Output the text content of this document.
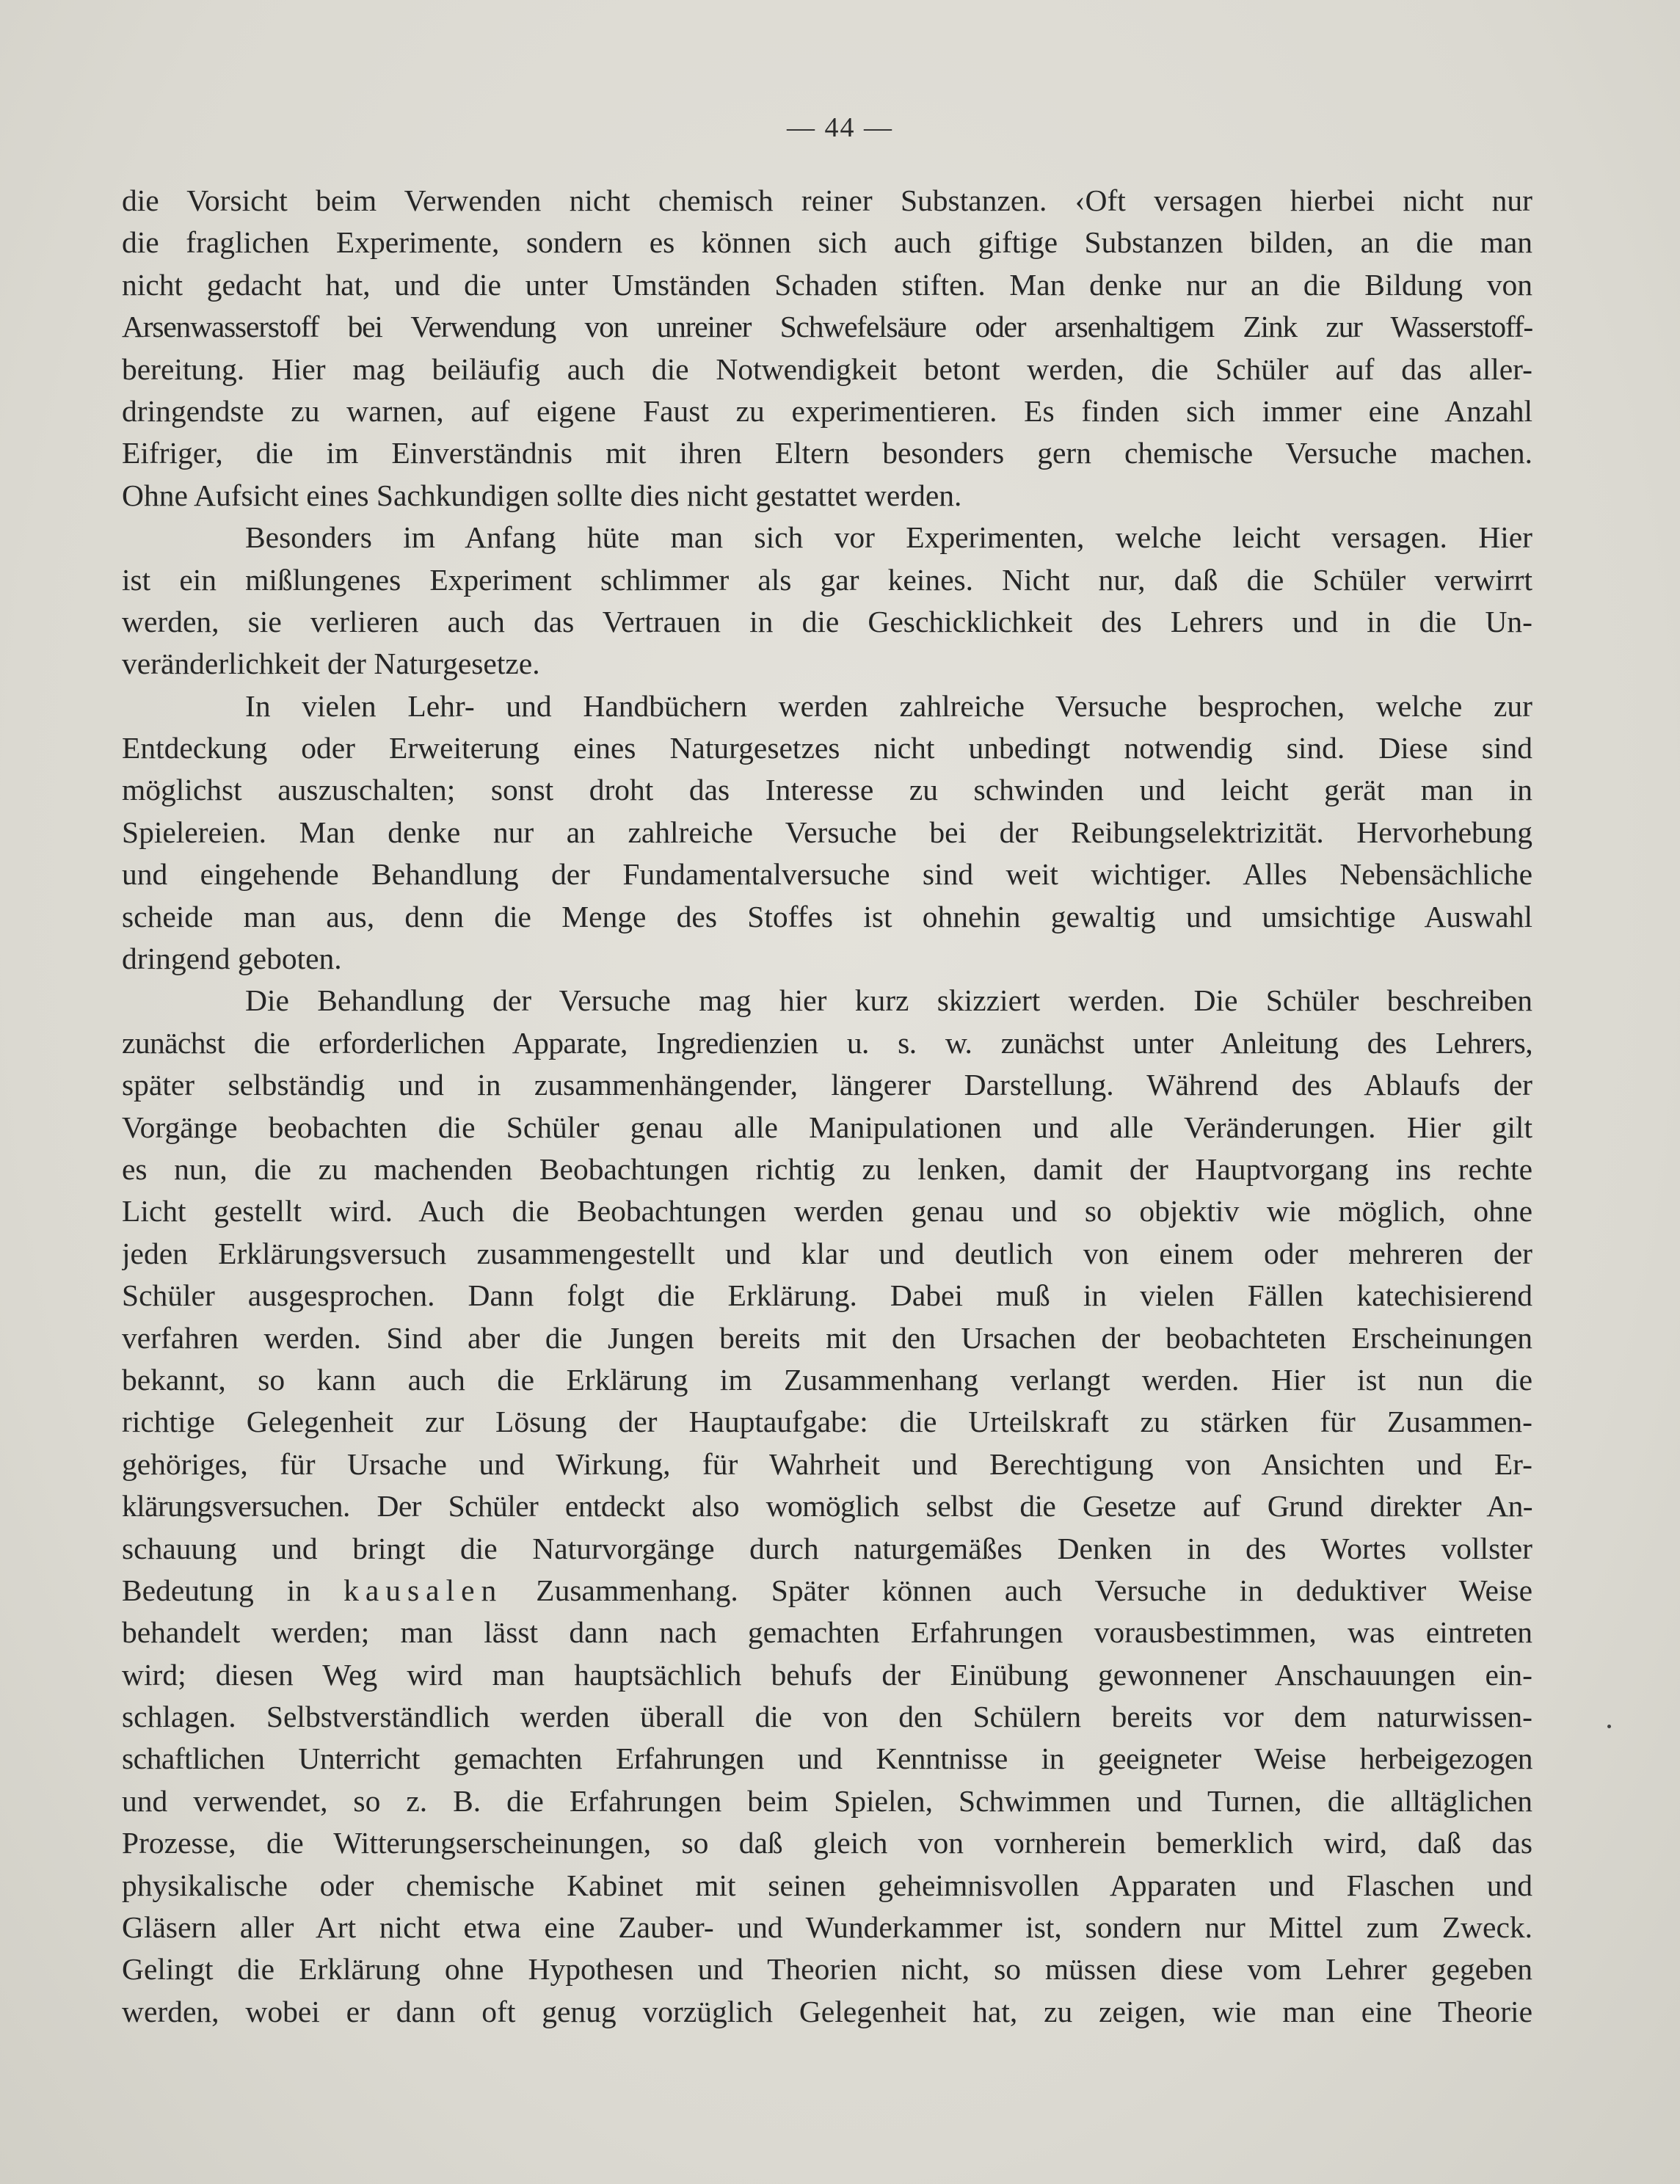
— 44 —
die Vorsicht beim Verwenden nicht chemisch reiner Substanzen. ‹Oft versagen hierbei nicht nur
die fraglichen Experimente, sondern es können sich auch giftige Substanzen bilden, an die man
nicht gedacht hat, und die unter Umständen Schaden stiften. Man denke nur an die Bildung von
Arsenwasserstoff bei Verwendung von unreiner Schwefelsäure oder arsenhaltigem Zink zur Wasserstoff-
bereitung. Hier mag beiläufig auch die Notwendigkeit betont werden, die Schüler auf das aller-
dringendste zu warnen, auf eigene Faust zu experimentieren. Es finden sich immer eine Anzahl
Eifriger, die im Einverständnis mit ihren Eltern besonders gern chemische Versuche machen.
Ohne Aufsicht eines Sachkundigen sollte dies nicht gestattet werden.
Besonders im Anfang hüte man sich vor Experimenten, welche leicht versagen. Hier
ist ein mißlungenes Experiment schlimmer als gar keines. Nicht nur, daß die Schüler verwirrt
werden, sie verlieren auch das Vertrauen in die Geschicklichkeit des Lehrers und in die Un-
veränderlichkeit der Naturgesetze.
In vielen Lehr- und Handbüchern werden zahlreiche Versuche besprochen, welche zur
Entdeckung oder Erweiterung eines Naturgesetzes nicht unbedingt notwendig sind. Diese sind
möglichst auszuschalten; sonst droht das Interesse zu schwinden und leicht gerät man in
Spielereien. Man denke nur an zahlreiche Versuche bei der Reibungselektrizität. Hervorhebung
und eingehende Behandlung der Fundamentalversuche sind weit wichtiger. Alles Nebensächliche
scheide man aus, denn die Menge des Stoffes ist ohnehin gewaltig und umsichtige Auswahl
dringend geboten.
Die Behandlung der Versuche mag hier kurz skizziert werden. Die Schüler beschreiben
zunächst die erforderlichen Apparate, Ingredienzien u. s. w. zunächst unter Anleitung des Lehrers,
später selbständig und in zusammenhängender, längerer Darstellung. Während des Ablaufs der
Vorgänge beobachten die Schüler genau alle Manipulationen und alle Veränderungen. Hier gilt
es nun, die zu machenden Beobachtungen richtig zu lenken, damit der Hauptvorgang ins rechte
Licht gestellt wird. Auch die Beobachtungen werden genau und so objektiv wie möglich, ohne
jeden Erklärungsversuch zusammengestellt und klar und deutlich von einem oder mehreren der
Schüler ausgesprochen. Dann folgt die Erklärung. Dabei muß in vielen Fällen katechisierend
verfahren werden. Sind aber die Jungen bereits mit den Ursachen der beobachteten Erscheinungen
bekannt, so kann auch die Erklärung im Zusammenhang verlangt werden. Hier ist nun die
richtige Gelegenheit zur Lösung der Hauptaufgabe: die Urteilskraft zu stärken für Zusammen-
gehöriges, für Ursache und Wirkung, für Wahrheit und Berechtigung von Ansichten und Er-
klärungsversuchen. Der Schüler entdeckt also womöglich selbst die Gesetze auf Grund direkter An-
schauung und bringt die Naturvorgänge durch naturgemäßes Denken in des Wortes vollster
Bedeutung in kausalen Zusammenhang. Später können auch Versuche in deduktiver Weise
behandelt werden; man lässt dann nach gemachten Erfahrungen vorausbestimmen, was eintreten
wird; diesen Weg wird man hauptsächlich behufs der Einübung gewonnener Anschauungen ein-
schlagen. Selbstverständlich werden überall die von den Schülern bereits vor dem naturwissen-
schaftlichen Unterricht gemachten Erfahrungen und Kenntnisse in geeigneter Weise herbeigezogen
und verwendet, so z. B. die Erfahrungen beim Spielen, Schwimmen und Turnen, die alltäglichen
Prozesse, die Witterungserscheinungen, so daß gleich von vornherein bemerklich wird, daß das
physikalische oder chemische Kabinet mit seinen geheimnisvollen Apparaten und Flaschen und
Gläsern aller Art nicht etwa eine Zauber- und Wunderkammer ist, sondern nur Mittel zum Zweck.
Gelingt die Erklärung ohne Hypothesen und Theorien nicht, so müssen diese vom Lehrer gegeben
werden, wobei er dann oft genug vorzüglich Gelegenheit hat, zu zeigen, wie man eine Theorie
